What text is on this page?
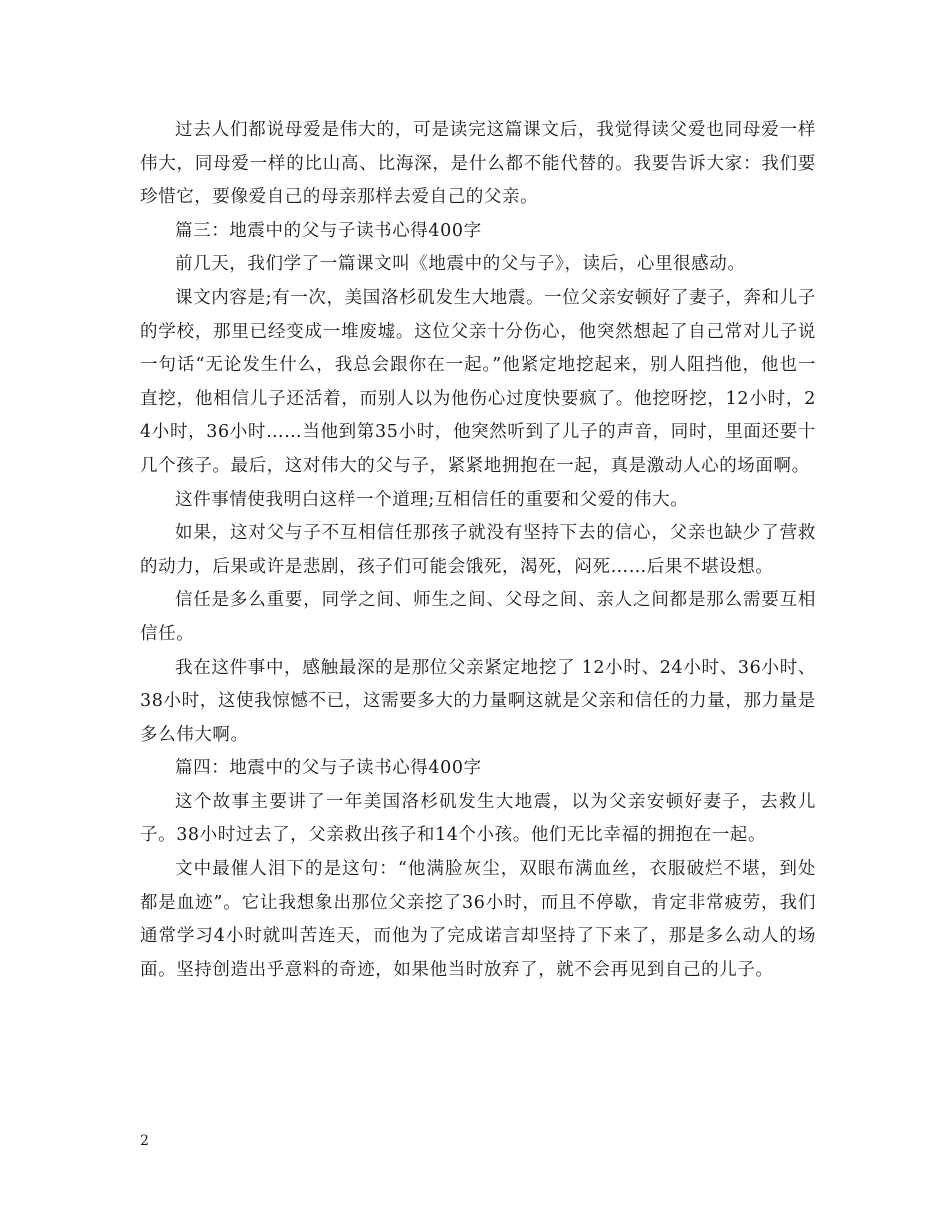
过去人们都说母爱是伟大的，可是读完这篇课文后，我觉得读父爱也同母爱一样伟大，同母爱一样的比山高、比海深，是什么都不能代替的。我要告诉大家：我们要珍惜它，要像爱自己的母亲那样去爱自己的父亲。

篇三：地震中的父与子读书心得400字

前几天，我们学了一篇课文叫《地震中的父与子》，读后，心里很感动。

课文内容是;有一次，美国洛杉矶发生大地震。一位父亲安顿好了妻子，奔和儿子的学校，那里已经变成一堆废墟。这位父亲十分伤心，他突然想起了自己常对儿子说一句话“无论发生什么，我总会跟你在一起。”他紧定地挖起来，别人阻挡他，他也一直挖，他相信儿子还活着，而别人以为他伤心过度快要疯了。他挖呀挖，12小时，24小时，36小时……当他到第35小时，他突然听到了儿子的声音，同时，里面还要十几个孩子。最后，这对伟大的父与子，紧紧地拥抱在一起，真是激动人心的场面啊。

这件事情使我明白这样一个道理;互相信任的重要和父爱的伟大。

如果，这对父与子不互相信任那孩子就没有坚持下去的信心，父亲也缺少了营救的动力，后果或许是悲剧，孩子们可能会饿死，渴死，闷死……后果不堪设想。

信任是多么重要，同学之间、师生之间、父母之间、亲人之间都是那么需要互相信任。

我在这件事中，感触最深的是那位父亲紧定地挖了 12小时、24小时、36小时、38小时，这使我惊憾不已，这需要多大的力量啊这就是父亲和信任的力量，那力量是多么伟大啊。

篇四：地震中的父与子读书心得400字

这个故事主要讲了一年美国洛杉矶发生大地震，以为父亲安顿好妻子，去救儿子。38小时过去了，父亲救出孩子和14个小孩。他们无比幸福的拥抱在一起。

文中最催人泪下的是这句：“他满脸灰尘，双眼布满血丝，衣服破烂不堪，到处都是血迹”。它让我想象出那位父亲挖了36小时，而且不停歇，肯定非常疲劳，我们通常学习4小时就叫苦连天，而他为了完成诺言却坚持了下来了，那是多么动人的场面。坚持创造出乎意料的奇迹，如果他当时放弃了，就不会再见到自己的儿子。

2
